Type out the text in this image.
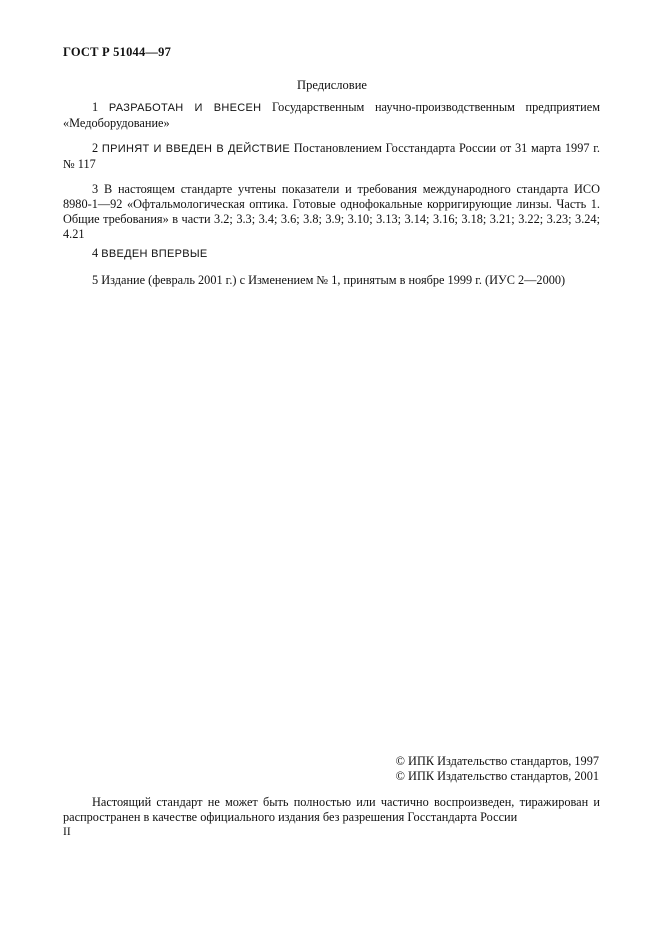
ГОСТ Р 51044—97
Предисловие
1 РАЗРАБОТАН И ВНЕСЕН Государственным научно-производственным предприятием «Медоборудование»
2 ПРИНЯТ И ВВЕДЕН В ДЕЙСТВИЕ Постановлением Госстандарта России от 31 марта 1997 г. № 117
3 В настоящем стандарте учтены показатели и требования международного стандарта ИСО 8980-1—92 «Офтальмологическая оптика. Готовые однофокальные корригирующие линзы. Часть 1. Общие требования» в части 3.2; 3.3; 3.4; 3.6; 3.8; 3.9; 3.10; 3.13; 3.14; 3.16; 3.18; 3.21; 3.22; 3.23; 3.24; 4.21
4 ВВЕДЕН ВПЕРВЫЕ
5 Издание (февраль 2001 г.) с Изменением № 1, принятым в ноябре 1999 г. (ИУС 2—2000)
© ИПК Издательство стандартов, 1997
© ИПК Издательство стандартов, 2001
Настоящий стандарт не может быть полностью или частично воспроизведен, тиражирован и распространен в качестве официального издания без разрешения Госстандарта России
II
